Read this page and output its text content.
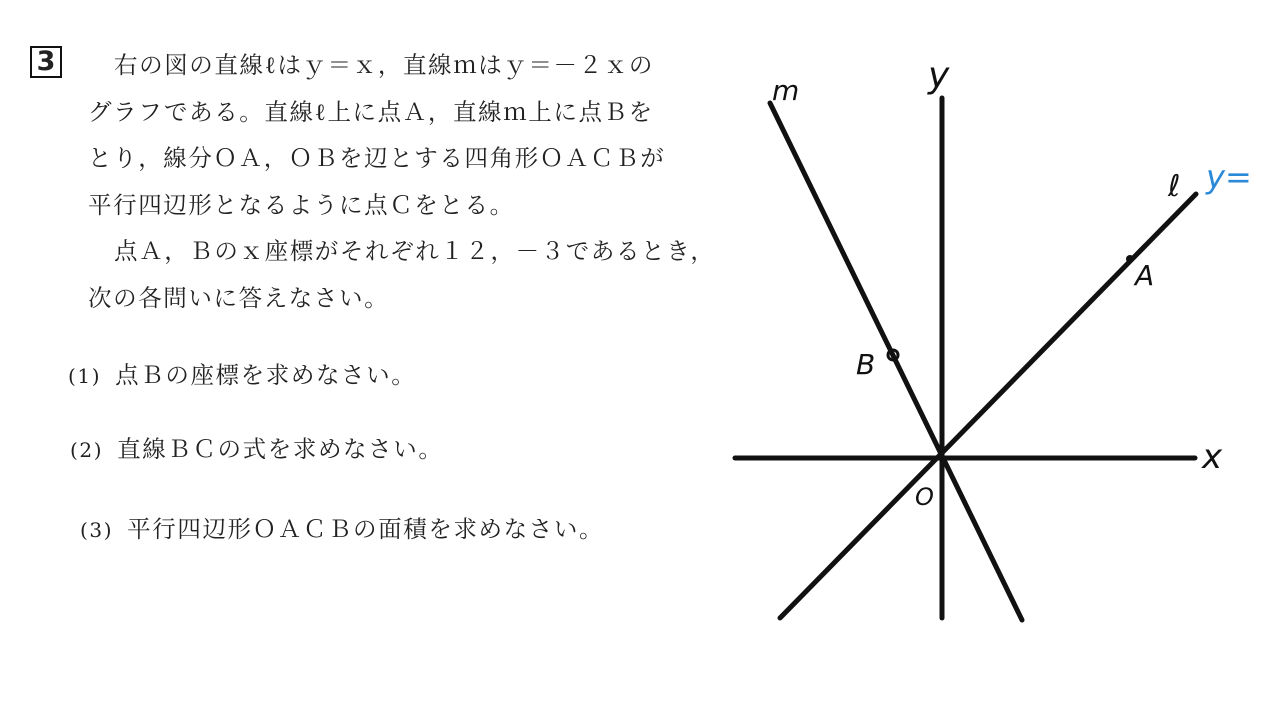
3	右の図の直線ℓはｙ＝ｘ，直線ｍはｙ＝－２ｘの

グラフである。直線ℓ上に点Ａ，直線ｍ上に点Ｂを

とり，線分ＯＡ，ＯＢを辺とする四角形ＯＡＣＢが

平行四辺形となるように点Ｃをとる。

点Ａ，Ｂのｘ座標がそれぞれ１２，－３であるとき，

次の各問いに答えなさい。

(1) 点Ｂの座標を求めなさい。
(2) 直線ＢＣの式を求めなさい。
(3) 平行四辺形ＯＡＣＢの面積を求めなさい。
y
x
O
m
ℓ
A
B
y=
